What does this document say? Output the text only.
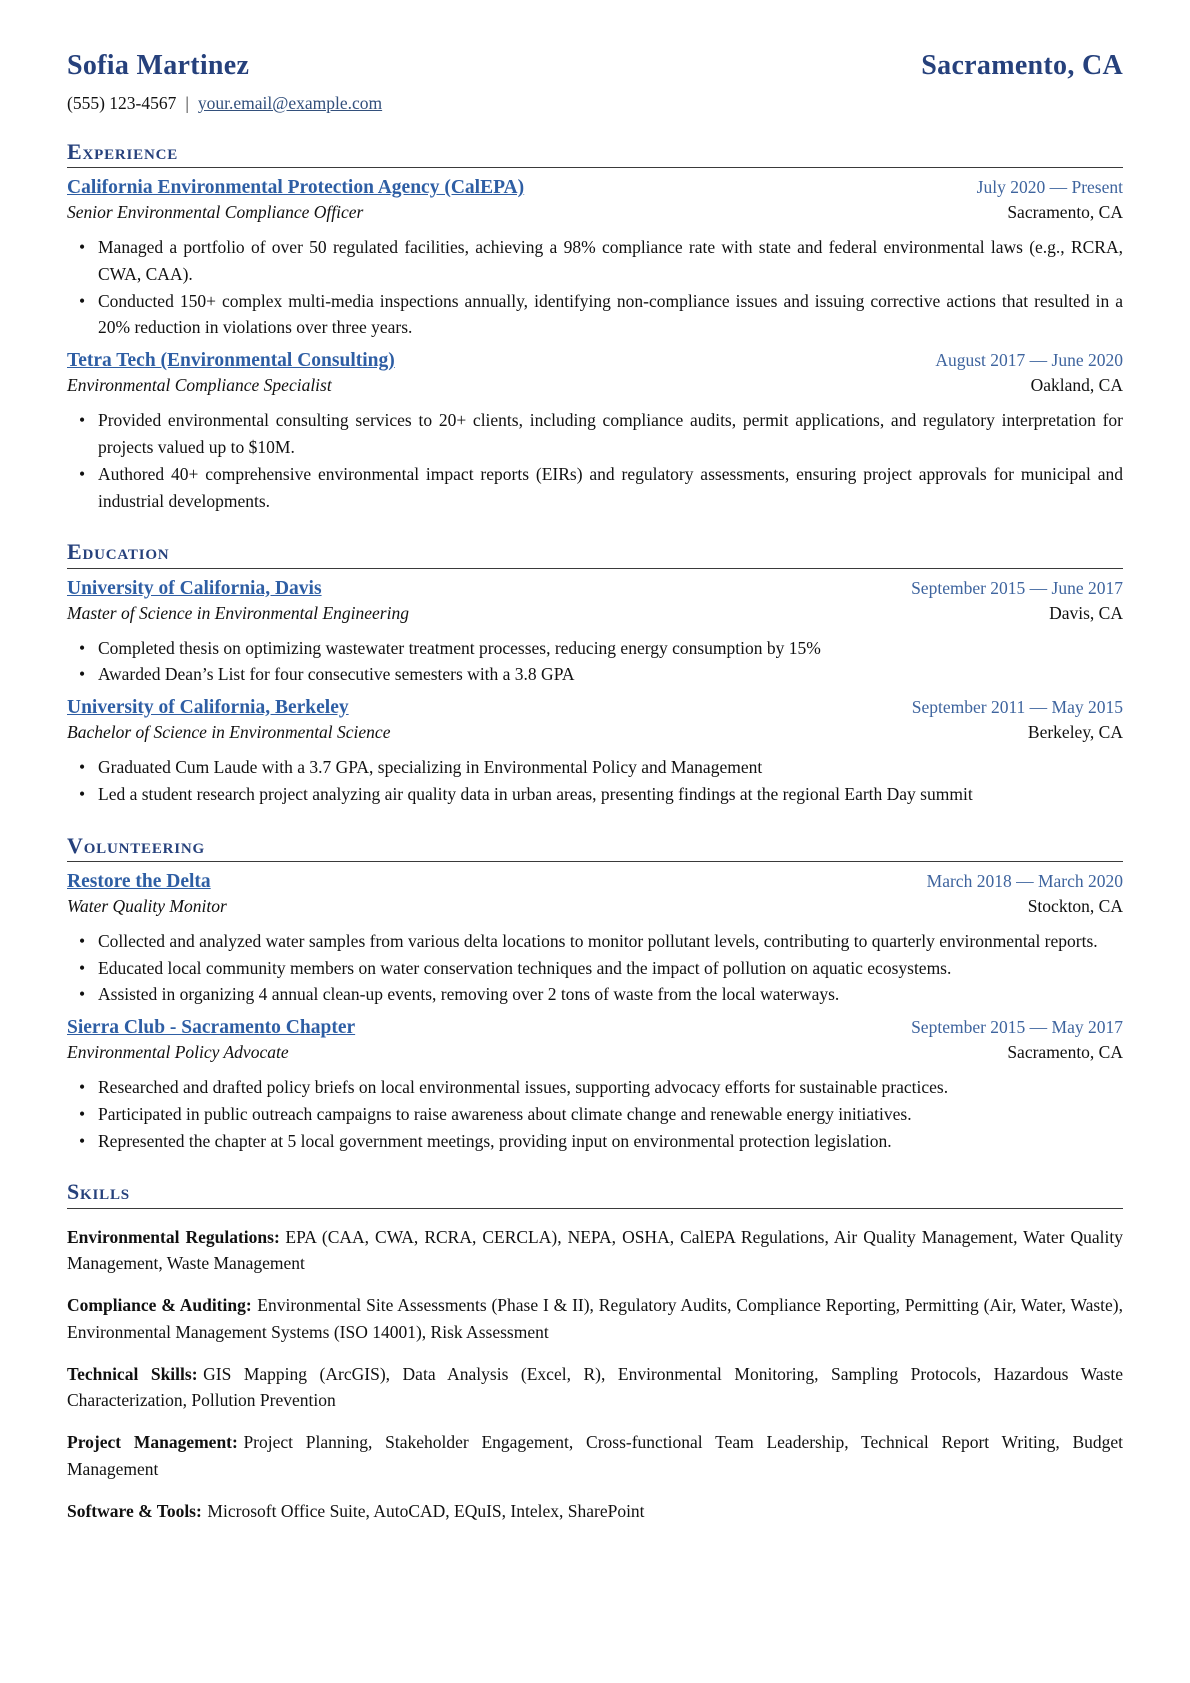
Sofia Martinez	Sacramento, CA
(555) 123-4567 | your.email@example.com
Experience
California Environmental Protection Agency (CalEPA)	July 2020 — Present
Senior Environmental Compliance Officer	Sacramento, CA
• Managed a portfolio of over 50 regulated facilities, achieving a 98% compliance rate with state and federal environmental laws (e.g., RCRA, CWA, CAA).
• Conducted 150+ complex multi-media inspections annually, identifying non-compliance issues and issuing corrective actions that resulted in a 20% reduction in violations over three years.
Tetra Tech (Environmental Consulting)	August 2017 — June 2020
Environmental Compliance Specialist	Oakland, CA
• Provided environmental consulting services to 20+ clients, including compliance audits, permit applications, and regulatory interpretation for projects valued up to $10M.
• Authored 40+ comprehensive environmental impact reports (EIRs) and regulatory assessments, ensuring project approvals for municipal and industrial developments.
Education
University of California, Davis	September 2015 — June 2017
Master of Science in Environmental Engineering	Davis, CA
• Completed thesis on optimizing wastewater treatment processes, reducing energy consumption by 15%
• Awarded Dean’s List for four consecutive semesters with a 3.8 GPA
University of California, Berkeley	September 2011 — May 2015
Bachelor of Science in Environmental Science	Berkeley, CA
• Graduated Cum Laude with a 3.7 GPA, specializing in Environmental Policy and Management
• Led a student research project analyzing air quality data in urban areas, presenting findings at the regional Earth Day summit
Volunteering
Restore the Delta	March 2018 — March 2020
Water Quality Monitor	Stockton, CA
• Collected and analyzed water samples from various delta locations to monitor pollutant levels, contributing to quarterly environmental reports.
• Educated local community members on water conservation techniques and the impact of pollution on aquatic ecosystems.
• Assisted in organizing 4 annual clean-up events, removing over 2 tons of waste from the local waterways.
Sierra Club - Sacramento Chapter	September 2015 — May 2017
Environmental Policy Advocate	Sacramento, CA
• Researched and drafted policy briefs on local environmental issues, supporting advocacy efforts for sustainable practices.
• Participated in public outreach campaigns to raise awareness about climate change and renewable energy initiatives.
• Represented the chapter at 5 local government meetings, providing input on environmental protection legislation.
Skills

Environmental Regulations: EPA (CAA, CWA, RCRA, CERCLA), NEPA, OSHA, CalEPA Regulations, Air Quality Management, Water Quality Management, Waste Management

Compliance & Auditing: Environmental Site Assessments (Phase I & II), Regulatory Audits, Compliance Reporting, Permitting (Air, Water, Waste), Environmental Management Systems (ISO 14001), Risk Assessment

Technical Skills: GIS Mapping (ArcGIS), Data Analysis (Excel, R), Environmental Monitoring, Sampling Protocols, Hazardous Waste Characterization, Pollution Prevention

Project Management: Project Planning, Stakeholder Engagement, Cross-functional Team Leadership, Technical Report Writing, Budget Management

Software & Tools: Microsoft Office Suite, AutoCAD, EQuIS, Intelex, SharePoint
